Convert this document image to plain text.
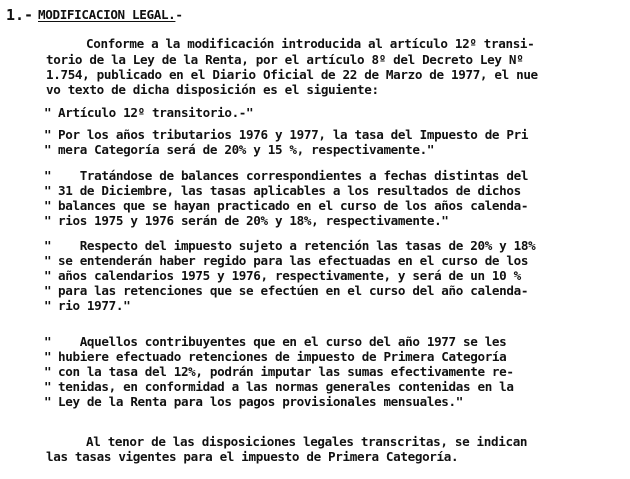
1.- MODIFICACION LEGAL.-
Conforme a la modificación introducida al artículo 12º transi-
torio de la Ley de la Renta, por el artículo 8º del Decreto Ley Nº
1.754, publicado en el Diario Oficial de 22 de Marzo de 1977, el nue
vo texto de dicha disposición es el siguiente:
" Artículo 12º transitorio.-"
" Por los años tributarios 1976 y 1977, la tasa del Impuesto de Pri
" mera Categoría será de 20% y 15 %, respectivamente."
" Tratándose de balances correspondientes a fechas distintas del
" 31 de Diciembre, las tasas aplicables a los resultados de dichos
" balances que se hayan practicado en el curso de los años calenda-
" rios 1975 y 1976 serán de 20% y 18%, respectivamente."
" Respecto del impuesto sujeto a retención las tasas de 20% y 18%
" se entenderán haber regido para las efectuadas en el curso de los
" años calendarios 1975 y 1976, respectivamente, y será de un 10 %
" para las retenciones que se efectúen en el curso del año calenda-
" rio 1977."
" Aquellos contribuyentes que en el curso del año 1977 se les
" hubiere efectuado retenciones de impuesto de Primera Categoría
" con la tasa del 12%, podrán imputar las sumas efectivamente re-
" tenidas, en conformidad a las normas generales contenidas en la
" Ley de la Renta para los pagos provisionales mensuales."
Al tenor de las disposiciones legales transcritas, se indican
las tasas vigentes para el impuesto de Primera Categoría.
